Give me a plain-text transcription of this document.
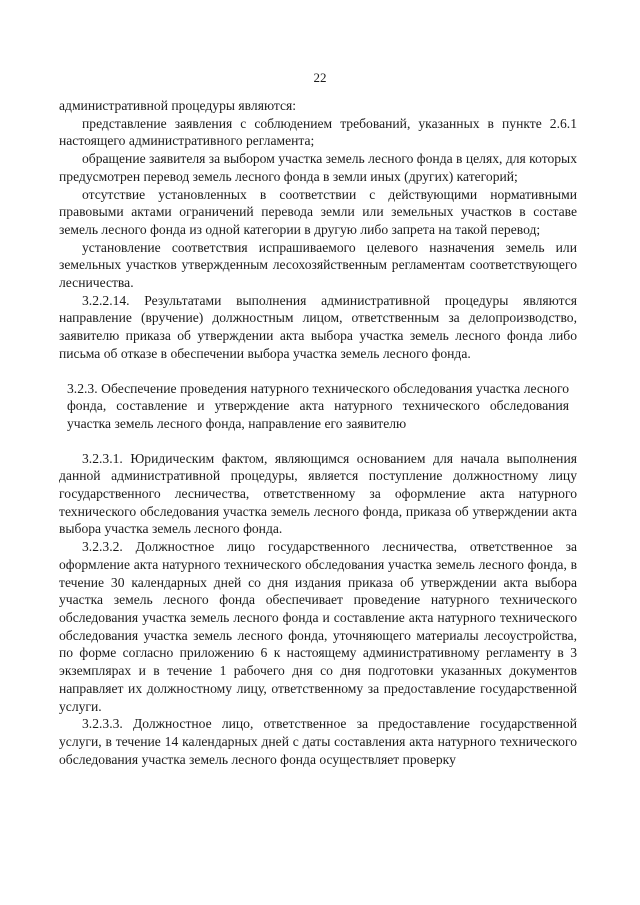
22

административной процедуры являются:

представление заявления с соблюдением требований, указанных в пункте 2.6.1 настоящего административного регламента;

обращение заявителя за выбором участка земель лесного фонда в целях, для которых предусмотрен перевод земель лесного фонда в земли иных (других) категорий;

отсутствие установленных в соответствии с действующими нормативными правовыми актами ограничений перевода земли или земельных участков в составе земель лесного фонда из одной категории в другую либо запрета на такой перевод;

установление соответствия испрашиваемого целевого назначения земель или земельных участков утвержденным лесохозяйственным регламентам соответствующего лесничества.

3.2.2.14. Результатами выполнения административной процедуры являются направление (вручение) должностным лицом, ответственным за делопроизводство, заявителю приказа об утверждении акта выбора участка земель лесного фонда либо письма об отказе в обеспечении выбора участка земель лесного фонда.

3.2.3. Обеспечение проведения натурного технического обследования участка лесного фонда, составление и утверждение акта натурного технического обследования участка земель лесного фонда, направление его заявителю

3.2.3.1. Юридическим фактом, являющимся основанием для начала выполнения данной административной процедуры, является поступление должностному лицу государственного лесничества, ответственному за оформление акта натурного технического обследования участка земель лесного фонда, приказа об утверждении акта выбора участка земель лесного фонда.

3.2.3.2. Должностное лицо государственного лесничества, ответственное за оформление акта натурного технического обследования участка земель лесного фонда, в течение 30 календарных дней со дня издания приказа об утверждении акта выбора участка земель лесного фонда обеспечивает проведение натурного технического обследования участка земель лесного фонда и составление акта натурного технического обследования участка земель лесного фонда, уточняющего материалы лесоустройства, по форме согласно приложению 6 к настоящему административному регламенту в 3 экземплярах и в течение 1 рабочего дня со дня подготовки указанных документов направляет их должностному лицу, ответственному за предоставление государственной услуги.

3.2.3.3. Должностное лицо, ответственное за предоставление государственной услуги, в течение 14 календарных дней с даты составления акта натурного технического обследования участка земель лесного фонда осуществляет проверку
